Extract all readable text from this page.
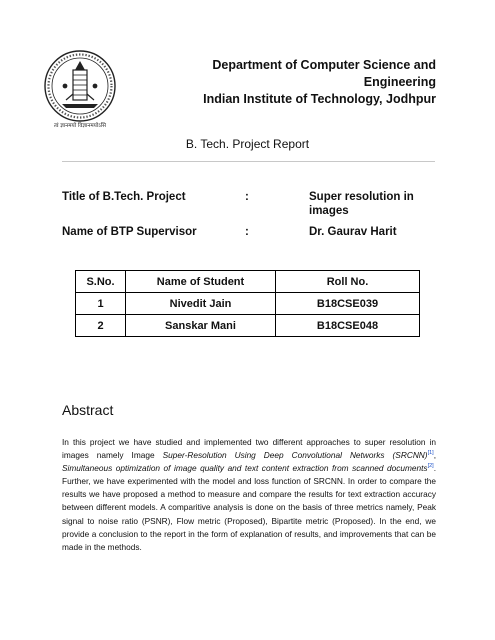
त्वं ज्ञानमयो विज्ञानमयोऽसि
Department of Computer Science and Engineering
Indian Institute of Technology, Jodhpur
B. Tech. Project Report
Title of B.Tech. Project	:	Super resolution in images
Name of BTP Supervisor	:	Dr. Gaurav Harit
S.No.	Name of Student	Roll No.
1	Nivedit Jain	B18CSE039
2	Sanskar Mani	B18CSE048
Abstract

In this project we have studied and implemented two different approaches to super resolution in images namely Image Super-Resolution Using Deep Convolutional Networks (SRCNN)[1], Simultaneous optimization of image quality and text content extraction from scanned documents[2]. Further, we have experimented with the model and loss function of SRCNN. In order to compare the results we have proposed a method to measure and compare the results for text extraction accuracy between different models. A comparitive analysis is done on the basis of three metrics namely, Peak signal to noise ratio (PSNR), Flow metric (Proposed), Bipartite metric (Proposed). In the end, we provide a conclusion to the report in the form of explanation of results, and improvements that can be made in the methods.
